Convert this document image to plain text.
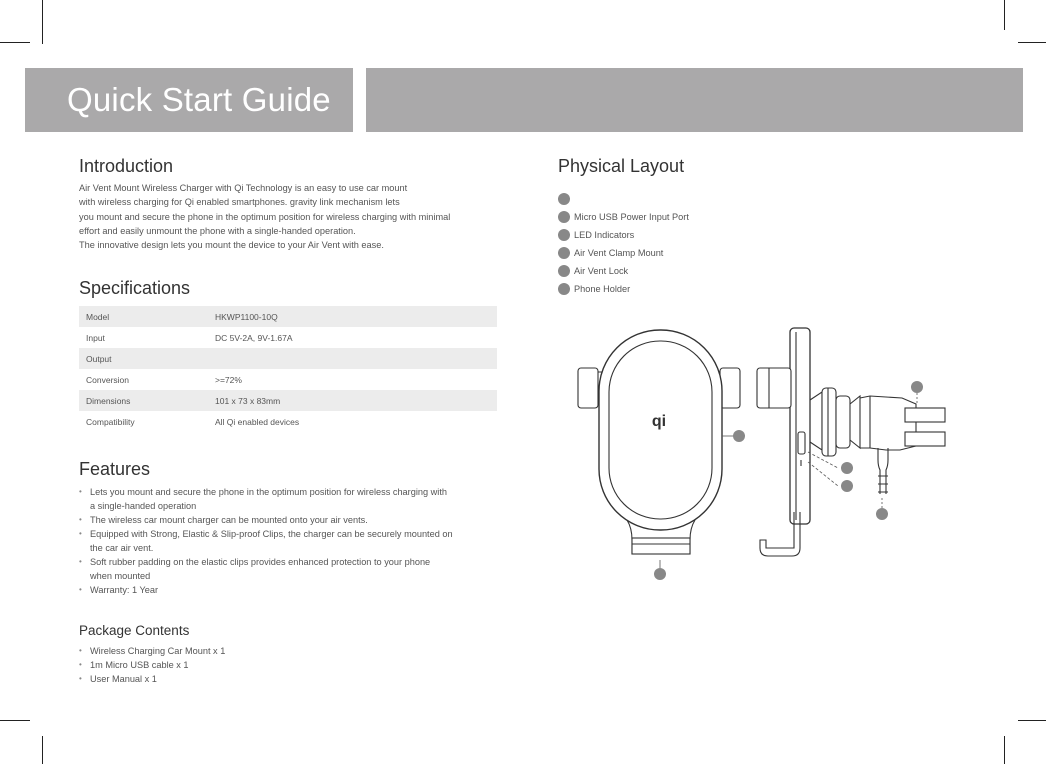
Quick Start Guide
Introduction
Air Vent Mount Wireless Charger with Qi Technology is an easy to use car mount
with wireless charging for Qi enabled smartphones. gravity link mechanism lets
you mount and secure the phone in the optimum position for wireless charging with minimal
effort and easily unmount the phone with a single-handed operation.
The innovative design lets you mount the device to your Air Vent with ease.
Specifications
Model	HKWP1100-10Q
Input	DC 5V-2A, 9V-1.67A
Output
Conversion	>=72%
Dimensions	101 x 73 x 83mm
Compatibility	All Qi enabled devices
Features
• Lets you mount and secure the phone in the optimum position for wireless charging with
a single-handed operation
• The wireless car mount charger can be mounted onto your air vents.
• Equipped with Strong, Elastic & Slip-proof Clips, the charger can be securely mounted on
the car air vent.
• Soft rubber padding on the elastic clips provides enhanced protection to your phone
when mounted
• Warranty: 1 Year
Package Contents
• Wireless Charging Car Mount x 1
• 1m Micro USB cable x 1
• User Manual x 1
Physical Layout
Micro USB Power Input Port
LED Indicators
Air Vent Clamp Mount
Air Vent Lock
Phone Holder
qi
